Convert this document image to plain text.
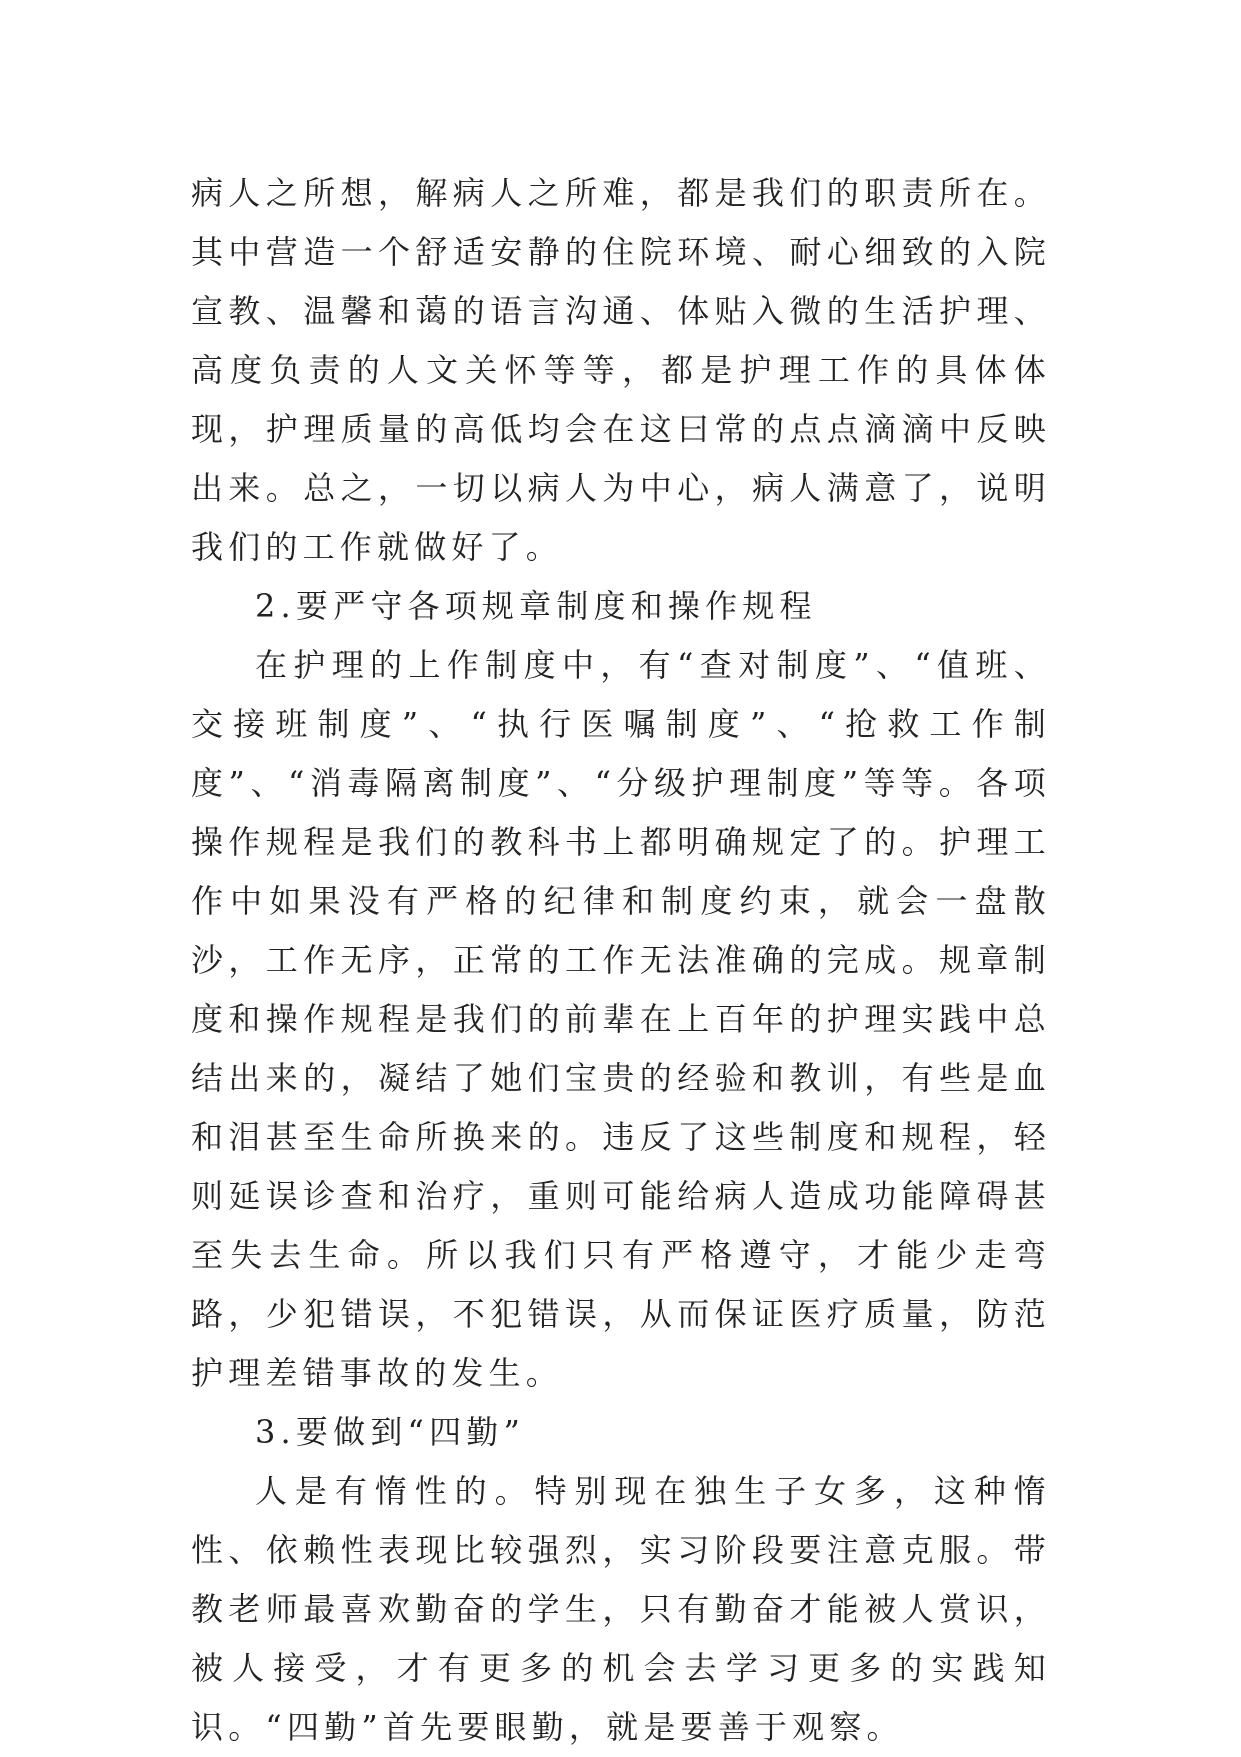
病人之所想，解病人之所难，都是我们的职责所在。其中营造一个舒适安静的住院环境、耐心细致的入院宣教、温馨和蔼的语言沟通、体贴入微的生活护理、高度负责的人文关怀等等，都是护理工作的具体体现，护理质量的高低均会在这曰常的点点滴滴中反映出来。总之，一切以病人为中心，病人满意了，说明我们的工作就做好了。

2.要严守各项规章制度和操作规程

在护理的上作制度中，有“查对制度”、“值班、交接班制度”、“执行医嘱制度”、“抢救工作制度”、“消毒隔离制度”、“分级护理制度”等等。各项操作规程是我们的教科书上都明确规定了的。护理工作中如果没有严格的纪律和制度约束，就会一盘散沙，工作无序，正常的工作无法准确的完成。规章制度和操作规程是我们的前辈在上百年的护理实践中总结出来的，凝结了她们宝贵的经验和教训，有些是血和泪甚至生命所换来的。违反了这些制度和规程，轻则延误诊查和治疗，重则可能给病人造成功能障碍甚至失去生命。所以我们只有严格遵守，才能少走弯路，少犯错误，不犯错误，从而保证医疗质量，防范护理差错事故的发生。

3.要做到“四勤”

人是有惰性的。特别现在独生子女多，这种惰性、依赖性表现比较强烈，实习阶段要注意克服。带教老师最喜欢勤奋的学生，只有勤奋才能被人赏识，被人接受，才有更多的机会去学习更多的实践知识。“四勤”首先要眼勤，就是要善于观察。
